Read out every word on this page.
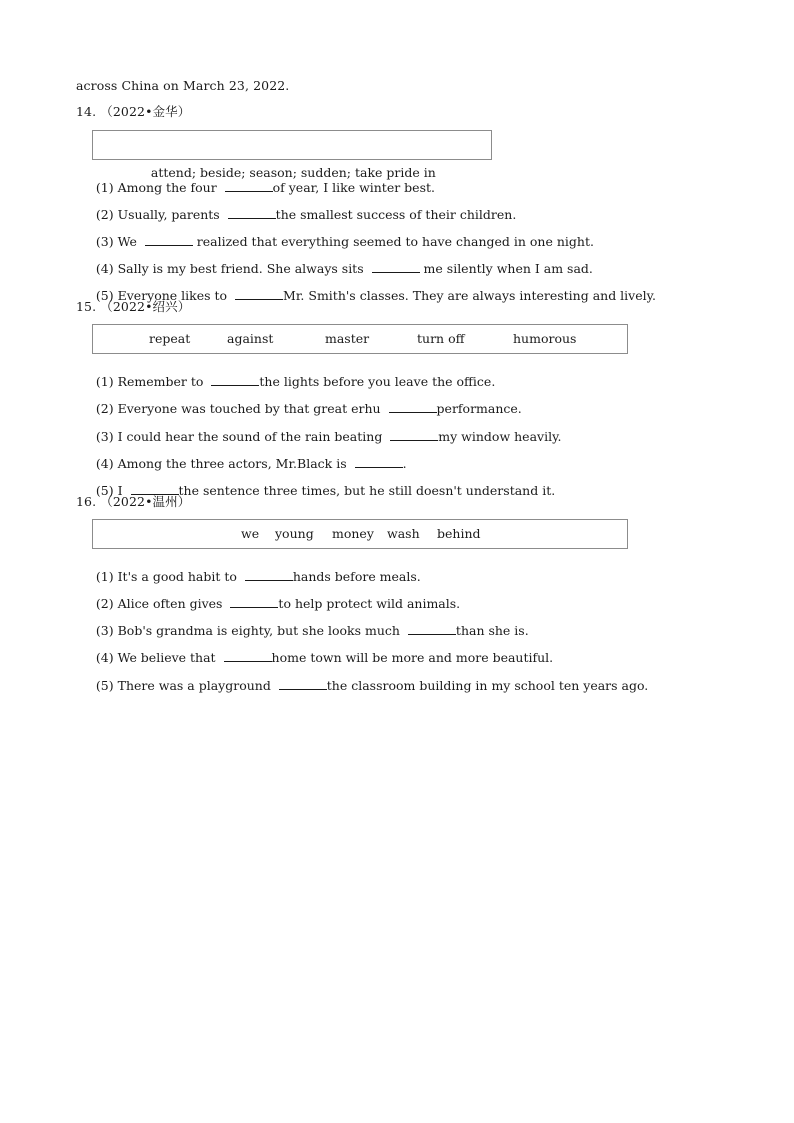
across China on March 23, 2022.
14. （2022•金华）

attend; beside; season; sudden; take pride in

(1) Among the four	of year, I like winter best.

(2) Usually, parents	the smallest success of their children.

(3) We	realized that everything seemed to have changed in one night.

(4) Sally is my best friend. She always sits	me silently when I am sad.

(5) Everyone likes to	Mr. Smith's classes. They are always interesting and lively.

15. （2022•绍兴）

repeat

	against

	master

	turn off

	humorous

(1) Remember to	the lights before you leave the office.

(2) Everyone was touched by that great erhu	performance.

(3) I could hear the sound of the rain beating	my window heavily.

(4) Among the three actors, Mr.Black is	.

(5) I	the sentence three times, but he still doesn't understand it.

16. （2022•温州）

we

young

money

wash

behind

(1) It's a good habit to	hands before meals.

(2) Alice often gives	to help protect wild animals.

(3) Bob's grandma is eighty, but she looks much	than she is.

(4) We believe that	home town will be more and more beautiful.

(5) There was a playground	the classroom building in my school ten years ago.
